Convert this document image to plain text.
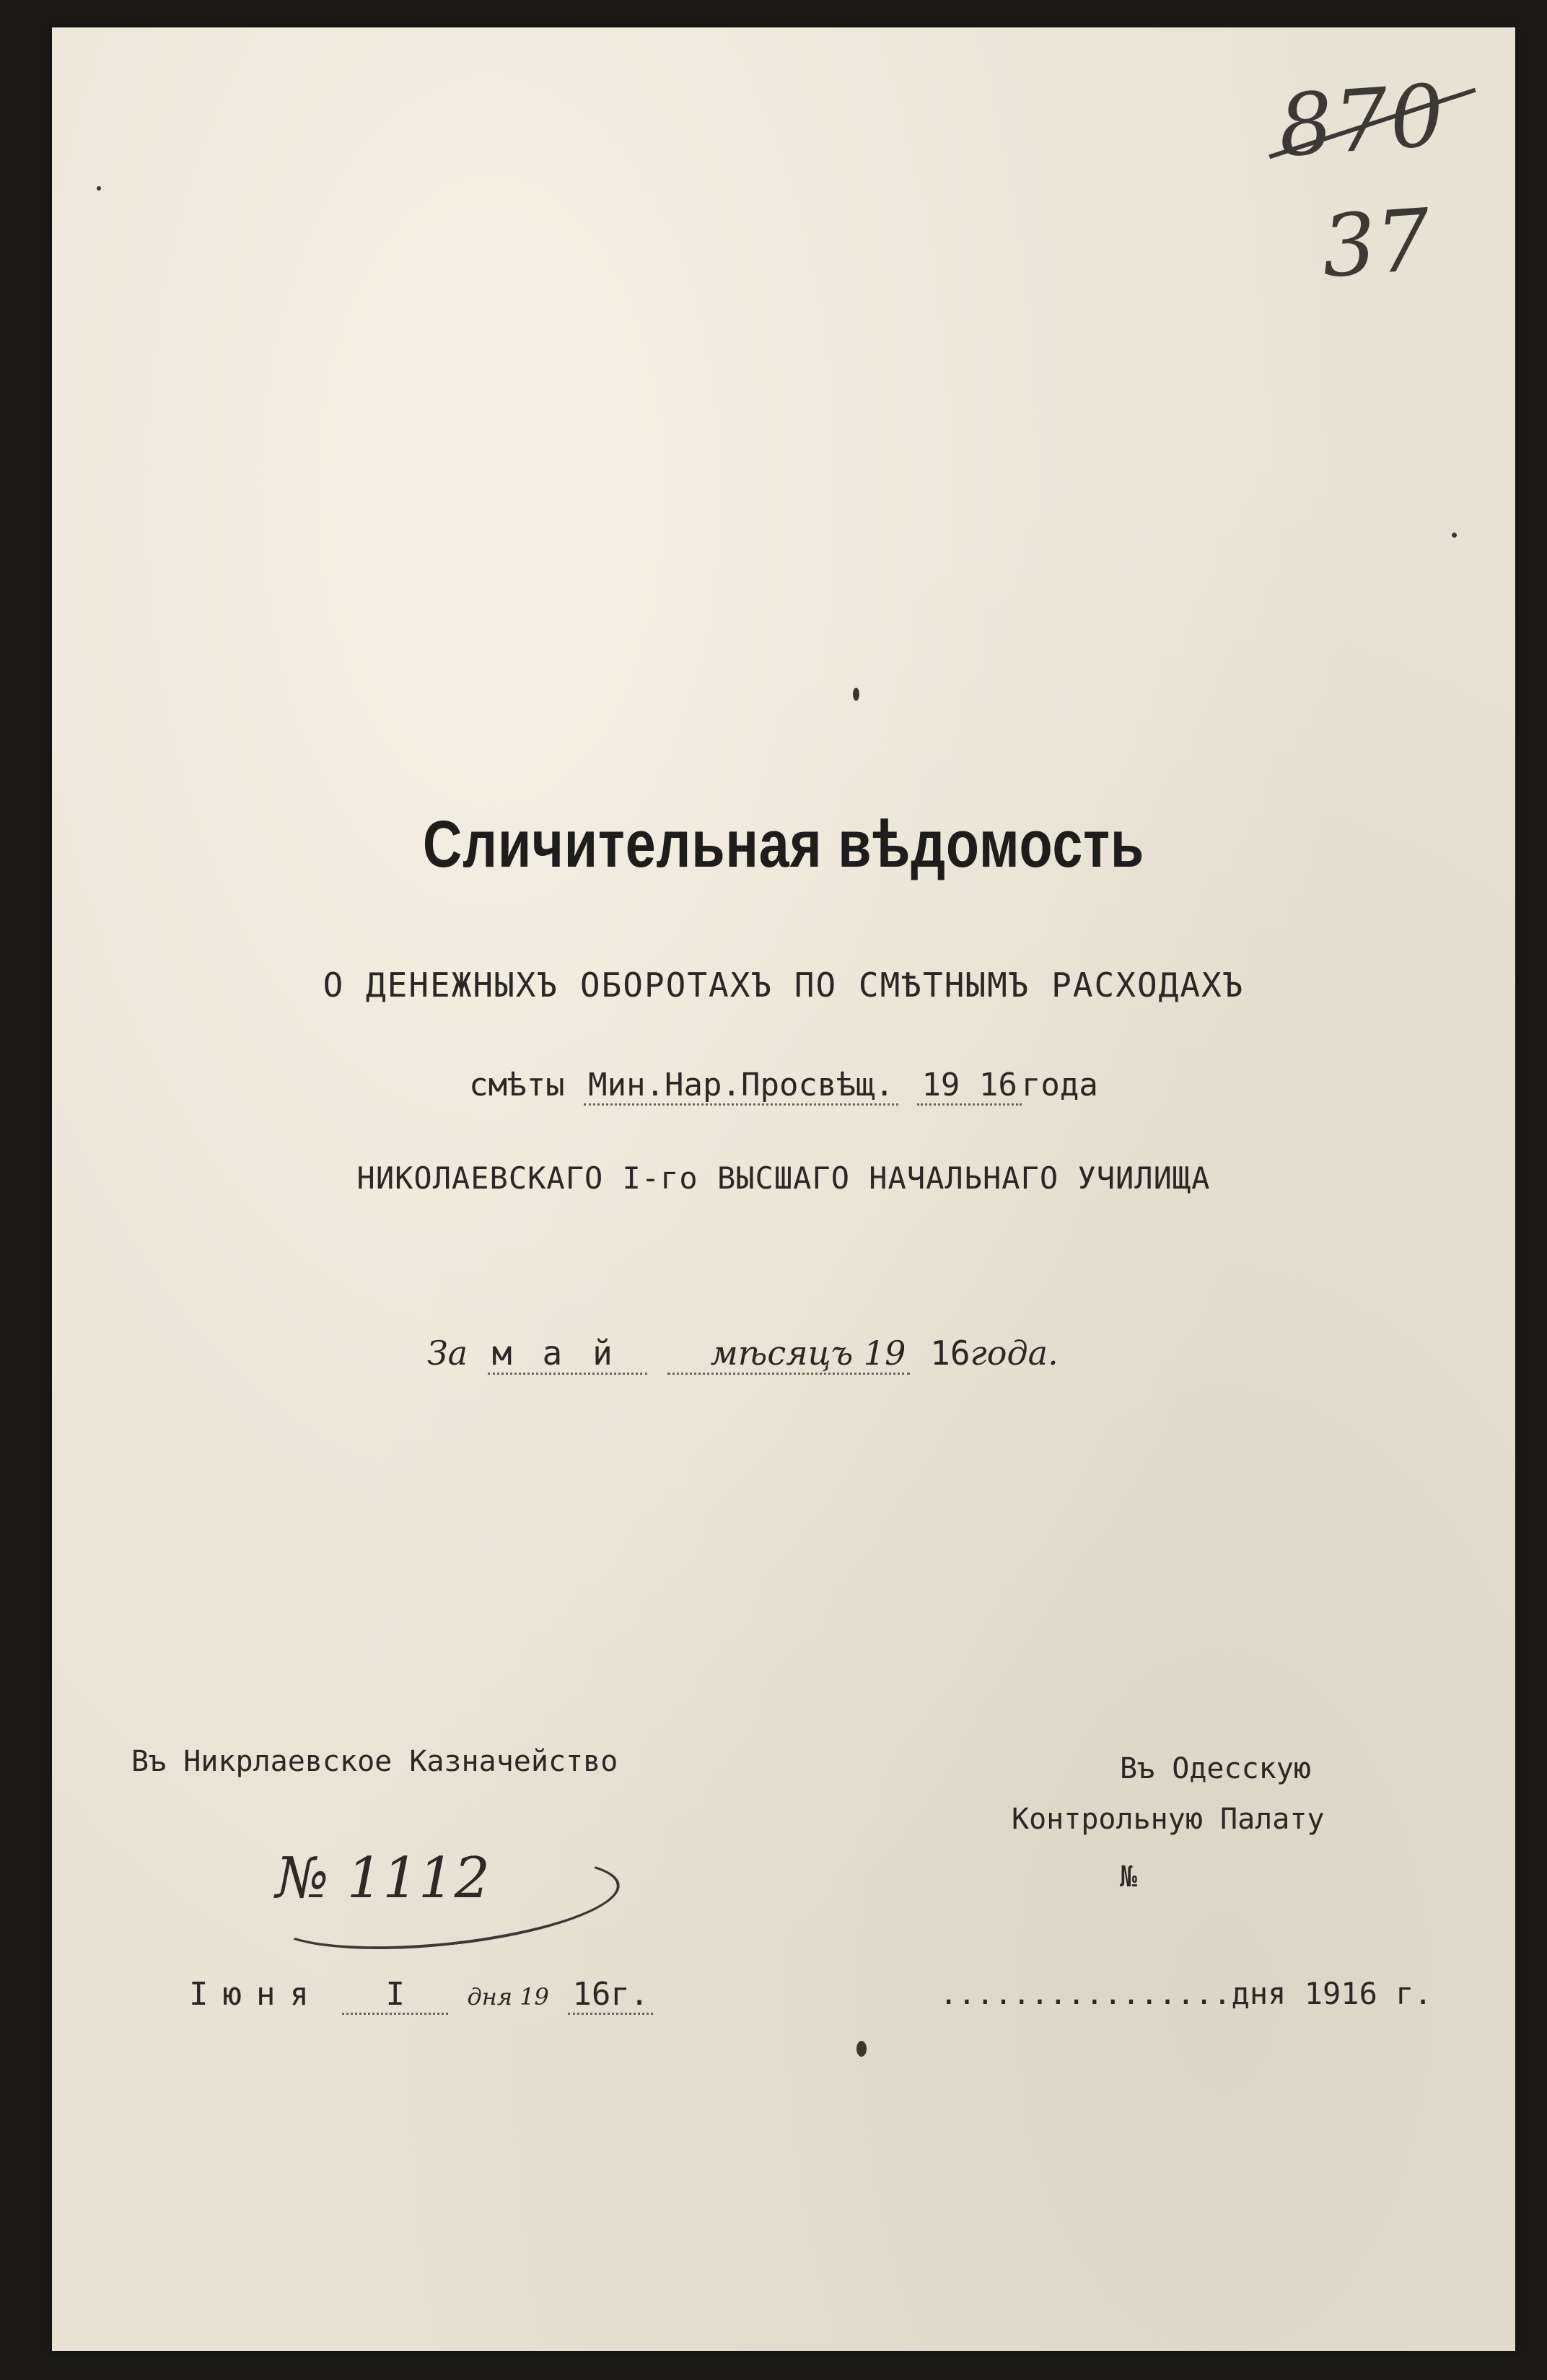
870
37
Сличительная вѣдомость
О ДЕНЕЖНЫХЪ ОБОРОТАХЪ ПО СМѢТНЫМЪ РАСХОДАХЪ
смѣты Мин.Нар.Просвѣщ. 19 16 года
НИКОЛАЕВСКАГО I-го ВЫСШАГО НАЧАЛЬНАГО УЧИЛИЩА
За май мѣсяцъ 19 16года.
Въ Никрлаевское Казначейство	Въ Одесскую
Контрольную Палату
№
№ 1112
Iюня I	дня 19 16г.	................дня 1916 г.
